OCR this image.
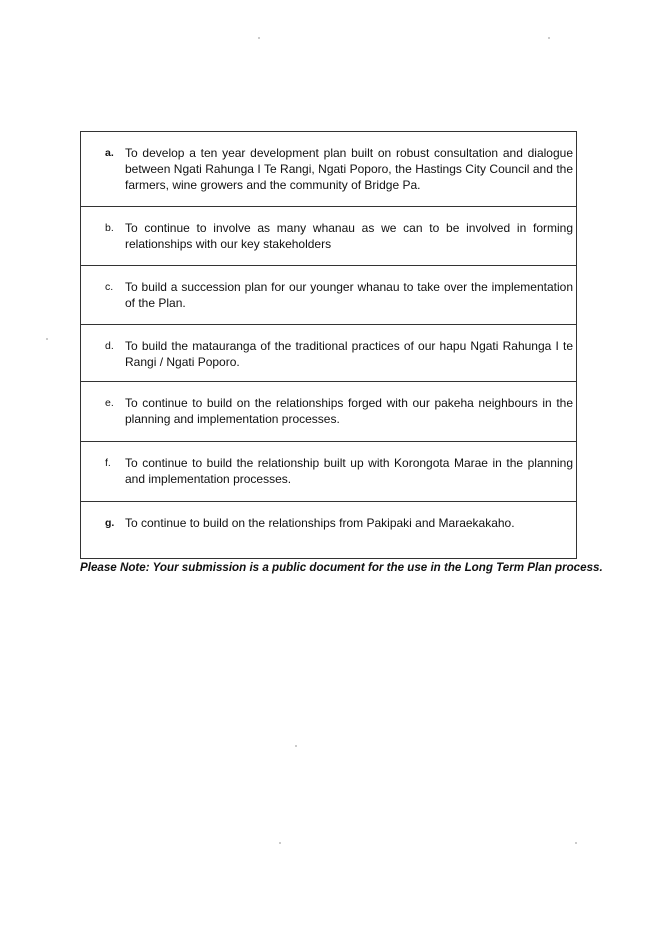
a. To develop a ten year development plan built on robust consultation and dialogue between Ngati Rahunga I Te Rangi, Ngati Poporo, the Hastings City Council and the farmers, wine growers and the community of Bridge Pa.
b. To continue to involve as many whanau as we can to be involved in forming relationships with our key stakeholders
c. To build a succession plan for our younger whanau to take over the implementation of the Plan.
d. To build the matauranga of the traditional practices of our hapu Ngati Rahunga I te Rangi / Ngati Poporo.
e. To continue to build on the relationships forged with our pakeha neighbours in the planning and implementation processes.
f.	To continue to build the relationship built up with Korongota Marae in the planning and implementation processes.
g. To continue to build on the relationships from Pakipaki and Maraekakaho.
Please Note: Your submission is a public document for the use in the Long Term Plan process.
